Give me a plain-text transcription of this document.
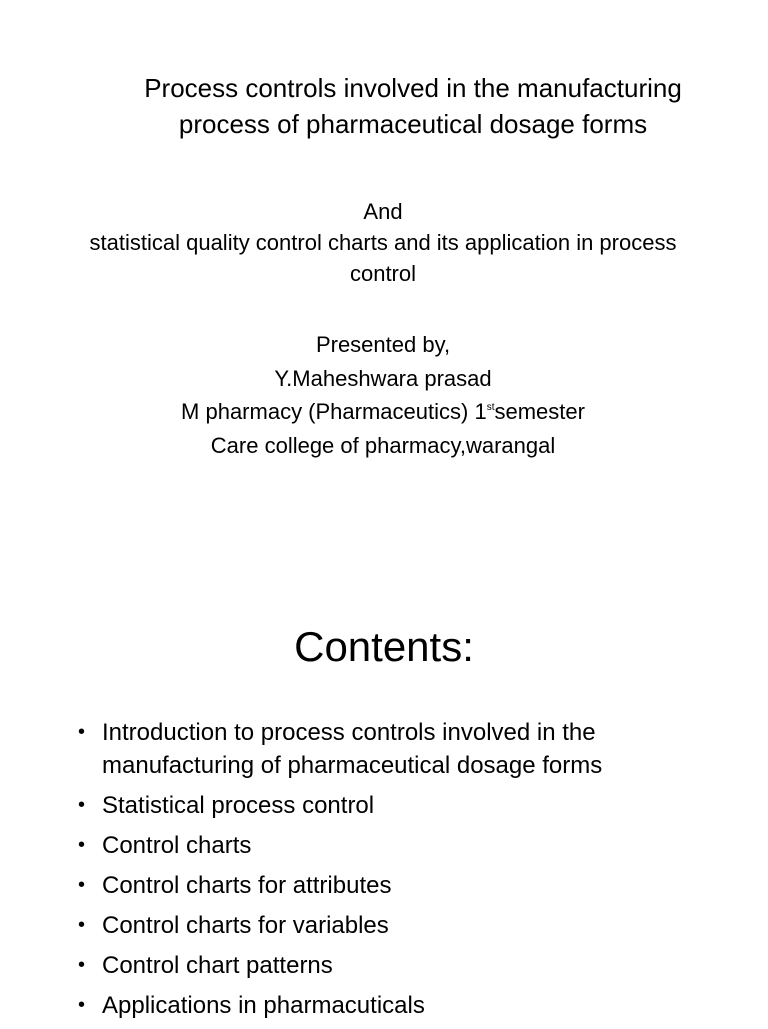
Process controls involved in the manufacturing process of pharmaceutical dosage forms
And
statistical quality control charts and its application in process control
Presented by,
Y.Maheshwara prasad
M pharmacy (Pharmaceutics) 1stsemester
Care college of pharmacy,warangal
Contents:
• Introduction to process controls involved in the manufacturing of pharmaceutical dosage forms
• Statistical process control
• Control charts
• Control charts for attributes
• Control charts for variables
• Control chart patterns
• Applications in pharmacuticals
